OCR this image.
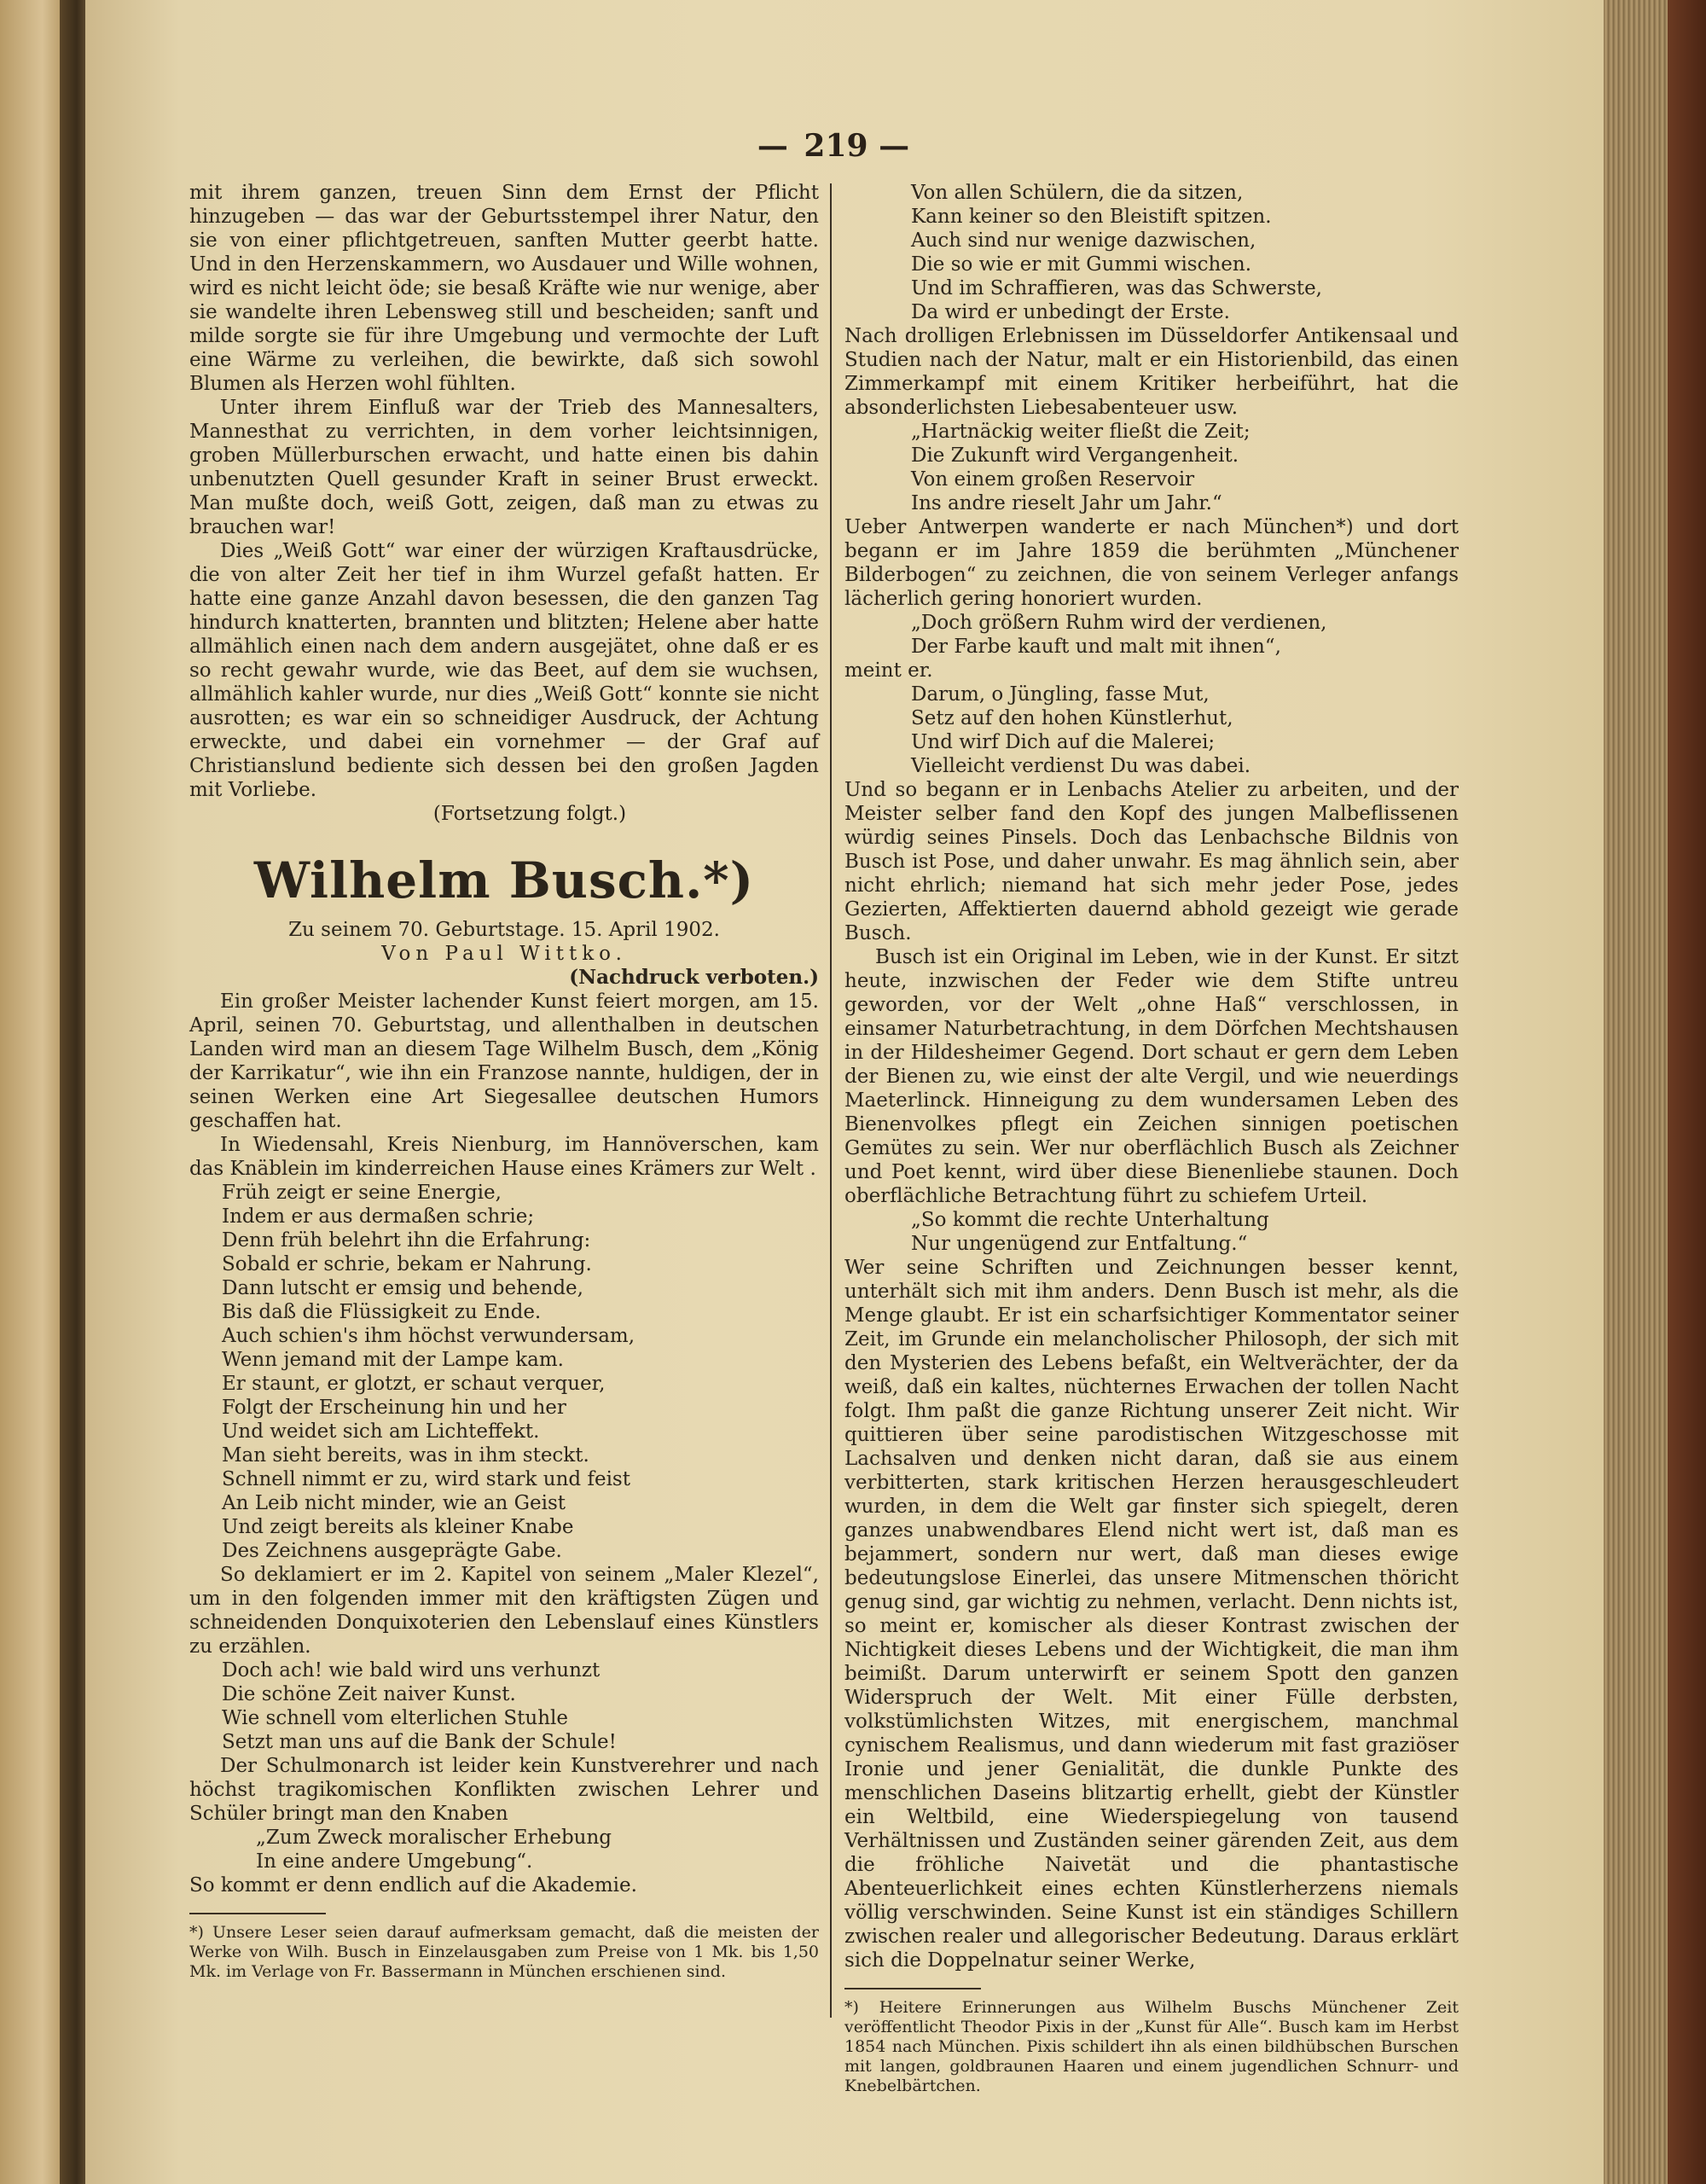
— 219 —

mit ihrem ganzen, treuen Sinn dem Ernst der Pflicht hinzugeben — das war der Geburtsstempel ihrer Natur, den sie von einer pflichtgetreuen, sanften Mutter geerbt hatte. Und in den Herzenskammern, wo Ausdauer und Wille wohnen, wird es nicht leicht öde; sie besaß Kräfte wie nur wenige, aber sie wandelte ihren Lebensweg still und bescheiden; sanft und milde sorgte sie für ihre Umgebung und vermochte der Luft eine Wärme zu verleihen, die bewirkte, daß sich sowohl Blumen als Herzen wohl fühlten.

Unter ihrem Einfluß war der Trieb des Mannesalters, Mannesthat zu verrichten, in dem vorher leichtsinnigen, groben Müllerburschen erwacht, und hatte einen bis dahin unbenutzten Quell gesunder Kraft in seiner Brust erweckt. Man mußte doch, weiß Gott, zeigen, daß man zu etwas zu brauchen war!

Dies „Weiß Gott“ war einer der würzigen Kraftausdrücke, die von alter Zeit her tief in ihm Wurzel gefaßt hatten. Er hatte eine ganze Anzahl davon besessen, die den ganzen Tag hindurch knatterten, brannten und blitzten; Helene aber hatte allmählich einen nach dem andern ausgejätet, ohne daß er es so recht gewahr wurde, wie das Beet, auf dem sie wuchsen, allmählich kahler wurde, nur dies „Weiß Gott“ konnte sie nicht ausrotten; es war ein so schneidiger Ausdruck, der Achtung erweckte, und dabei ein vornehmer — der Graf auf Christianslund bediente sich dessen bei den großen Jagden mit Vorliebe.

(Fortsetzung folgt.)
Wilhelm Busch.*)
Zu seinem 70. Geburtstage. 15. April 1902.
Von Paul Wittko.
(Nachdruck verboten.)

Ein großer Meister lachender Kunst feiert morgen, am 15. April, seinen 70. Geburtstag, und allenthalben in deutschen Landen wird man an diesem Tage Wilhelm Busch, dem „König der Karrikatur“, wie ihn ein Franzose nannte, huldigen, der in seinen Werken eine Art Siegesallee deutschen Humors geschaffen hat.

In Wiedensahl, Kreis Nienburg, im Hannöverschen, kam das Knäblein im kinderreichen Hause eines Krämers zur Welt .

Früh zeigt er seine Energie,
Indem er aus dermaßen schrie;
Denn früh belehrt ihn die Erfahrung:
Sobald er schrie, bekam er Nahrung.
Dann lutscht er emsig und behende,
Bis daß die Flüssigkeit zu Ende.
Auch schien's ihm höchst verwundersam,
Wenn jemand mit der Lampe kam.
Er staunt, er glotzt, er schaut verquer,
Folgt der Erscheinung hin und her
Und weidet sich am Lichteffekt.
Man sieht bereits, was in ihm steckt.
Schnell nimmt er zu, wird stark und feist
An Leib nicht minder, wie an Geist
Und zeigt bereits als kleiner Knabe
Des Zeichnens ausgeprägte Gabe.

So deklamiert er im 2. Kapitel von seinem „Maler Klezel“, um in den folgenden immer mit den kräftigsten Zügen und schneidenden Donquixoterien den Lebenslauf eines Künstlers zu erzählen.

Doch ach! wie bald wird uns verhunzt
Die schöne Zeit naiver Kunst.
Wie schnell vom elterlichen Stuhle
Setzt man uns auf die Bank der Schule!

Der Schulmonarch ist leider kein Kunstverehrer und nach höchst tragikomischen Konflikten zwischen Lehrer und Schüler bringt man den Knaben

„Zum Zweck moralischer Erhebung
In eine andere Umgebung“.

So kommt er denn endlich auf die Akademie.

*) Unsere Leser seien darauf aufmerksam gemacht, daß die meisten der Werke von Wilh. Busch in Einzelausgaben zum Preise von 1 Mk. bis 1,50 Mk. im Verlage von Fr. Bassermann in München erschienen sind.

Von allen Schülern, die da sitzen,
Kann keiner so den Bleistift spitzen.
Auch sind nur wenige dazwischen,
Die so wie er mit Gummi wischen.
Und im Schraffieren, was das Schwerste,
Da wird er unbedingt der Erste.

Nach drolligen Erlebnissen im Düsseldorfer Antikensaal und Studien nach der Natur, malt er ein Historienbild, das einen Zimmerkampf mit einem Kritiker herbeiführt, hat die absonderlichsten Liebesabenteuer usw.

„Hartnäckig weiter fließt die Zeit;
Die Zukunft wird Vergangenheit.
Von einem großen Reservoir
Ins andre rieselt Jahr um Jahr.“

Ueber Antwerpen wanderte er nach München*) und dort begann er im Jahre 1859 die berühmten „Münchener Bilderbogen“ zu zeichnen, die von seinem Verleger anfangs lächerlich gering honoriert wurden.

„Doch größern Ruhm wird der verdienen,
Der Farbe kauft und malt mit ihnen“,
meint er.
Darum, o Jüngling, fasse Mut,
Setz auf den hohen Künstlerhut,
Und wirf Dich auf die Malerei;
Vielleicht verdienst Du was dabei.

Und so begann er in Lenbachs Atelier zu arbeiten, und der Meister selber fand den Kopf des jungen Malbeflissenen würdig seines Pinsels. Doch das Lenbachsche Bildnis von Busch ist Pose, und daher unwahr. Es mag ähnlich sein, aber nicht ehrlich; niemand hat sich mehr jeder Pose, jedes Gezierten, Affektierten dauernd abhold gezeigt wie gerade Busch.

Busch ist ein Original im Leben, wie in der Kunst. Er sitzt heute, inzwischen der Feder wie dem Stifte untreu geworden, vor der Welt „ohne Haß“ verschlossen, in einsamer Naturbetrachtung, in dem Dörfchen Mechtshausen in der Hildesheimer Gegend. Dort schaut er gern dem Leben der Bienen zu, wie einst der alte Vergil, und wie neuerdings Maeterlinck. Hinneigung zu dem wundersamen Leben des Bienenvolkes pflegt ein Zeichen sinnigen poetischen Gemütes zu sein. Wer nur oberflächlich Busch als Zeichner und Poet kennt, wird über diese Bienenliebe staunen. Doch oberflächliche Betrachtung führt zu schiefem Urteil.

„So kommt die rechte Unterhaltung
Nur ungenügend zur Entfaltung.“

Wer seine Schriften und Zeichnungen besser kennt, unterhält sich mit ihm anders. Denn Busch ist mehr, als die Menge glaubt. Er ist ein scharfsichtiger Kommentator seiner Zeit, im Grunde ein melancholischer Philosoph, der sich mit den Mysterien des Lebens befaßt, ein Weltverächter, der da weiß, daß ein kaltes, nüchternes Erwachen der tollen Nacht folgt. Ihm paßt die ganze Richtung unserer Zeit nicht. Wir quittieren über seine parodistischen Witzgeschosse mit Lachsalven und denken nicht daran, daß sie aus einem verbitterten, stark kritischen Herzen herausgeschleudert wurden, in dem die Welt gar finster sich spiegelt, deren ganzes unabwendbares Elend nicht wert ist, daß man es bejammert, sondern nur wert, daß man dieses ewige bedeutungslose Einerlei, das unsere Mitmenschen thöricht genug sind, gar wichtig zu nehmen, verlacht. Denn nichts ist, so meint er, komischer als dieser Kontrast zwischen der Nichtigkeit dieses Lebens und der Wichtigkeit, die man ihm beimißt. Darum unterwirft er seinem Spott den ganzen Widerspruch der Welt. Mit einer Fülle derbsten, volkstümlichsten Witzes, mit energischem, manchmal cynischem Realismus, und dann wiederum mit fast graziöser Ironie und jener Genialität, die dunkle Punkte des menschlichen Daseins blitzartig erhellt, giebt der Künstler ein Weltbild, eine Wiederspiegelung von tausend Verhältnissen und Zuständen seiner gärenden Zeit, aus dem die fröhliche Naivetät und die phantastische Abenteuerlichkeit eines echten Künstlerherzens niemals völlig verschwinden. Seine Kunst ist ein ständiges Schillern zwischen realer und allegorischer Bedeutung. Daraus erklärt sich die Doppelnatur seiner Werke,

*) Heitere Erinnerungen aus Wilhelm Buschs Münchener Zeit veröffentlicht Theodor Pixis in der „Kunst für Alle“. Busch kam im Herbst 1854 nach München. Pixis schildert ihn als einen bildhübschen Burschen mit langen, goldbraunen Haaren und einem jugendlichen Schnurr- und Knebelbärtchen.
